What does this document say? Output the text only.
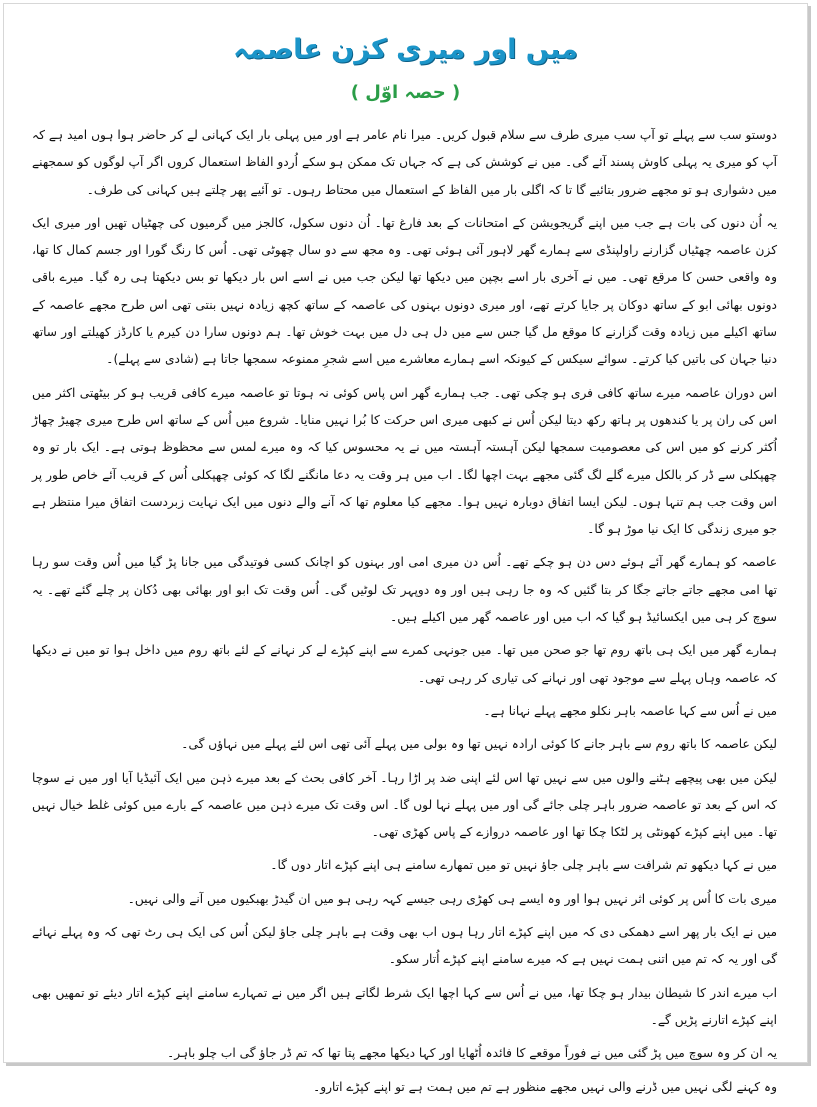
میں اور میری کزن عاصمہ
( حصہ اوّل )

دوستو سب سے پہلے تو آپ سب میری طرف سے سلام قبول کریں۔ میرا نام عامر ہے اور میں پہلی بار ایک کہانی لے کر حاضر ہوا ہوں امید ہے کہ آپ کو میری یہ پہلی کاوش پسند آئے گی۔ میں نے کوشش کی ہے کہ جہاں تک ممکن ہو سکے اُردو الفاظ استعمال کروں اگر آپ لوگوں کو سمجھنے میں دشواری ہو تو مجھے ضرور بتائیے گا تا کہ اگلی بار میں الفاظ کے استعمال میں محتاط رہوں۔ تو آئیے پھر چلتے ہیں کہانی کی طرف۔

یہ اُن دنوں کی بات ہے جب میں اپنے گریجویشن کے امتحانات کے بعد فارغ تھا۔ اُن دنوں سکول، کالجز میں گرمیوں کی چھٹیاں تھیں اور میری ایک کزن عاصمہ چھٹیاں گزارنے راولپنڈی سے ہمارے گھر لاہور آئی ہوئی تھی۔ وہ مجھ سے دو سال چھوٹی تھی۔ اُس کا رنگ گورا اور جسم کمال کا تھا، وہ واقعی حسن کا مرقع تھی۔ میں نے آخری بار اسے بچپن میں دیکھا تھا لیکن جب میں نے اسے اس بار دیکھا تو بس دیکھتا ہی رہ گیا۔ میرے باقی دونوں بھائی ابو کے ساتھ دوکان پر جایا کرتے تھے، اور میری دونوں بہنوں کی عاصمہ کے ساتھ کچھ زیادہ نہیں بنتی تھی اس طرح مجھے عاصمہ کے ساتھ اکیلے میں زیادہ وقت گزارنے کا موقع مل گیا جس سے میں دل ہی دل میں بہت خوش تھا۔ ہم دونوں سارا دن کیرم یا کارڈز کھیلتے اور ساتھ دنیا جہان کی باتیں کیا کرتے۔ سوائے سیکس کے کیونکہ اسے ہمارے معاشرے میں اسے شجرِ ممنوعہ سمجھا جاتا ہے (شادی سے پہلے)۔

اس دوران عاصمہ میرے ساتھ کافی فری ہو چکی تھی۔ جب ہمارے گھر اس پاس کوئی نہ ہوتا تو عاصمہ میرے کافی قریب ہو کر بیٹھتی اکثر میں اس کی ران پر یا کندھوں پر ہاتھ رکھ دیتا لیکن اُس نے کبھی میری اس حرکت کا بُرا نہیں منایا۔ شروع میں اُس کے ساتھ اس طرح میری چھیڑ چھاڑ اُکثر کرنے کو میں اس کی معصومیت سمجھا لیکن آہستہ آہستہ میں نے یہ محسوس کیا کہ وہ میرے لمس سے محظوظ ہوتی ہے۔ ایک بار تو وہ چھپکلی سے ڈر کر بالکل میرے گلے لگ گئی مجھے بہت اچھا لگا۔ اب میں ہر وقت یہ دعا مانگنے لگا کہ کوئی چھپکلی اُس کے قریب آئے خاص طور پر اس وقت جب ہم تنہا ہوں۔ لیکن ایسا اتفاق دوبارہ نہیں ہوا۔ مجھے کیا معلوم تھا کہ آنے والے دنوں میں ایک نہایت زبردست اتفاق میرا منتظر ہے جو میری زندگی کا ایک نیا موڑ ہو گا۔

عاصمہ کو ہمارے گھر آئے ہوئے دس دن ہو چکے تھے۔ اُس دن میری امی اور بہنوں کو اچانک کسی فوتیدگی میں جانا پڑ گیا میں اُس وقت سو رہا تھا امی مجھے جاتے جاتے جگا کر بتا گئیں کہ وہ جا رہی ہیں اور وہ دوپہر تک لوٹیں گی۔ اُس وقت تک ابو اور بھائی بھی دُکان پر چلے گئے تھے۔ یہ سوچ کر ہی میں ایکسائیڈ ہو گیا کہ اب میں اور عاصمہ گھر میں اکیلے ہیں۔

ہمارے گھر میں ایک ہی باتھ روم تھا جو صحن میں تھا۔ میں جونہی کمرے سے اپنے کپڑے لے کر نہانے کے لئے باتھ روم میں داخل ہوا تو میں نے دیکھا کہ عاصمہ وہاں پہلے سے موجود تھی اور نہانے کی تیاری کر رہی تھی۔

میں نے اُس سے کہا عاصمہ باہر نکلو مجھے پہلے نہانا ہے۔

لیکن عاصمہ کا باتھ روم سے باہر جانے کا کوئی ارادہ نہیں تھا وہ بولی میں پہلے آئی تھی اس لئے پہلے میں نہاؤں گی۔

لیکن میں بھی پیچھے ہٹنے والوں میں سے نہیں تھا اس لئے اپنی ضد پر اڑا رہا۔ آخر کافی بحث کے بعد میرے ذہن میں ایک آئیڈیا آیا اور میں نے سوچا کہ اس کے بعد تو عاصمہ ضرور باہر چلی جائے گی اور میں پہلے نہا لوں گا۔ اس وقت تک میرے ذہن میں عاصمہ کے بارے میں کوئی غلط خیال نہیں تھا۔ میں اپنے کپڑے کھونٹی پر لٹکا چکا تھا اور عاصمہ دروازے کے پاس کھڑی تھی۔

میں نے کہا دیکھو تم شرافت سے باہر چلی جاؤ نہیں تو میں تمھارے سامنے ہی اپنے کپڑے اتار دوں گا۔

میری بات کا اُس پر کوئی اثر نہیں ہوا اور وہ ایسے ہی کھڑی رہی جیسے کہہ رہی ہو میں ان گیدڑ بھبکیوں میں آنے والی نہیں۔

میں نے ایک بار پھر اسے دھمکی دی کہ میں اپنے کپڑے اتار رہا ہوں اب بھی وقت ہے باہر چلی جاؤ لیکن اُس کی ایک ہی رٹ تھی کہ وہ پہلے نہائے گی اور یہ کہ تم میں اتنی ہمت نہیں ہے کہ میرے سامنے اپنے کپڑے اُتار سکو۔

اب میرے اندر کا شیطان بیدار ہو چکا تھا، میں نے اُس سے کہا اچھا ایک شرط لگاتے ہیں اگر میں نے تمہارے سامنے اپنے کپڑے اتار دیئے تو تمھیں بھی اپنے کپڑے اتارنے پڑیں گے۔

یہ ان کر وہ سوچ میں پڑ گئی میں نے فوراً موقعے کا فائدہ اُٹھایا اور کہا دیکھا مجھے پتا تھا کہ تم ڈر جاؤ گی اب چلو باہر۔

وہ کہنے لگی نہیں میں ڈرنے والی نہیں مجھے منظور ہے تم میں ہمت ہے تو اپنے کپڑے اتارو۔
